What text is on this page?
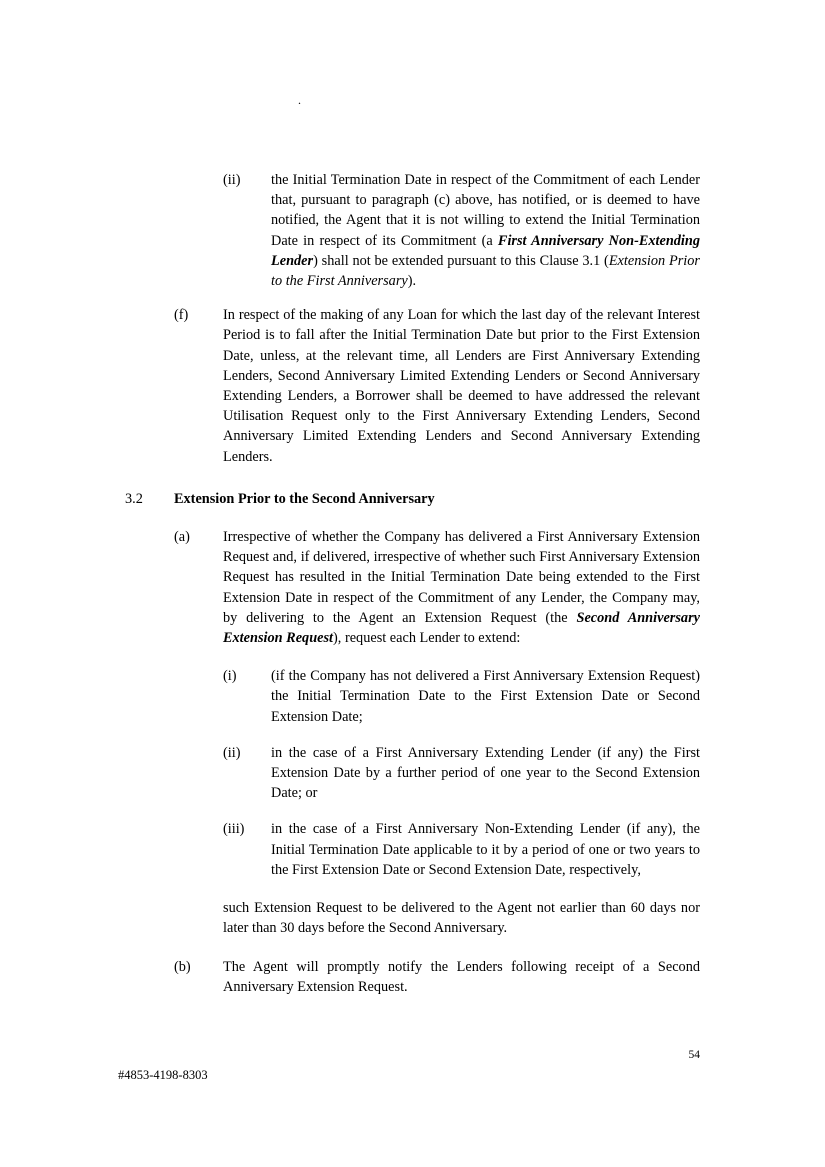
.
(ii)	the Initial Termination Date in respect of the Commitment of each Lender that, pursuant to paragraph (c) above, has notified, or is deemed to have notified, the Agent that it is not willing to extend the Initial Termination Date in respect of its Commitment (a First Anniversary Non-Extending Lender) shall not be extended pursuant to this Clause 3.1 (Extension Prior to the First Anniversary).
(f)	In respect of the making of any Loan for which the last day of the relevant Interest Period is to fall after the Initial Termination Date but prior to the First Extension Date, unless, at the relevant time, all Lenders are First Anniversary Extending Lenders, Second Anniversary Limited Extending Lenders or Second Anniversary Extending Lenders, a Borrower shall be deemed to have addressed the relevant Utilisation Request only to the First Anniversary Extending Lenders, Second Anniversary Limited Extending Lenders and Second Anniversary Extending Lenders.
3.2	Extension Prior to the Second Anniversary
(a)	Irrespective of whether the Company has delivered a First Anniversary Extension Request and, if delivered, irrespective of whether such First Anniversary Extension Request has resulted in the Initial Termination Date being extended to the First Extension Date in respect of the Commitment of any Lender, the Company may, by delivering to the Agent an Extension Request (the Second Anniversary Extension Request), request each Lender to extend:
(i)	(if the Company has not delivered a First Anniversary Extension Request) the Initial Termination Date to the First Extension Date or Second Extension Date;
(ii)	in the case of a First Anniversary Extending Lender (if any) the First Extension Date by a further period of one year to the Second Extension Date; or
(iii)	in the case of a First Anniversary Non-Extending Lender (if any), the Initial Termination Date applicable to it by a period of one or two years to the First Extension Date or Second Extension Date, respectively,
such Extension Request to be delivered to the Agent not earlier than 60 days nor later than 30 days before the Second Anniversary.
(b)	The Agent will promptly notify the Lenders following receipt of a Second Anniversary Extension Request.
54
#4853-4198-8303
